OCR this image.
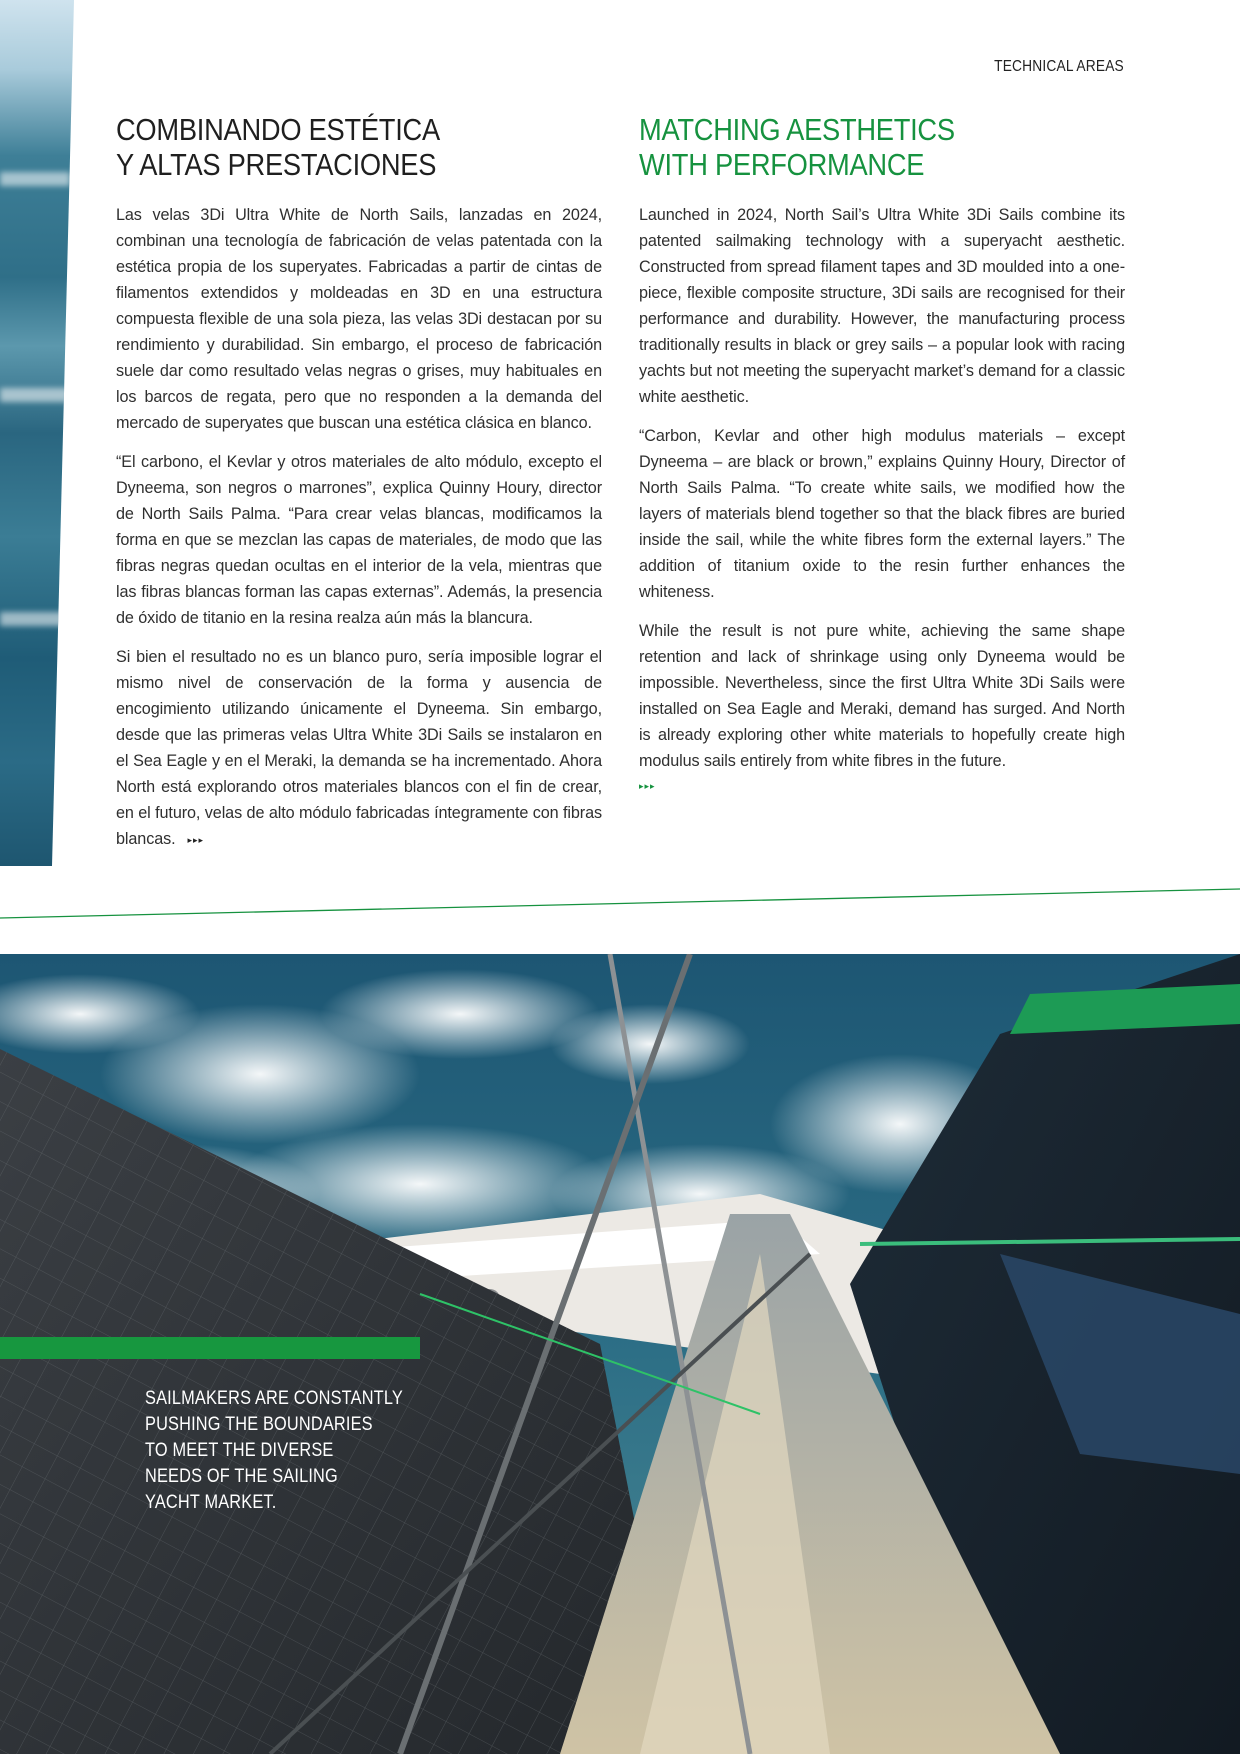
TECHNICAL AREAS
COMBINANDO ESTÉTICA
Y ALTAS PRESTACIONES

Las velas 3Di Ultra White de North Sails, lanzadas en 2024, combinan una tecnología de fabricación de velas patentada con la estética propia de los superyates. Fabricadas a partir de cintas de filamentos extendidos y moldeadas en 3D en una estructura compuesta flexible de una sola pieza, las velas 3Di destacan por su rendimiento y durabilidad. Sin embargo, el proceso de fabricación suele dar como resultado velas negras o grises, muy habituales en los barcos de regata, pero que no responden a la demanda del mercado de superyates que buscan una estética clásica en blanco.

“El carbono, el Kevlar y otros materiales de alto módulo, excepto el Dyneema, son negros o marrones”, explica Quinny Houry, director de North Sails Palma. “Para crear velas blancas, modificamos la forma en que se mezclan las capas de materiales, de modo que las fibras negras quedan ocultas en el interior de la vela, mientras que las fibras blancas forman las capas externas”. Además, la presencia de óxido de titanio en la resina realza aún más la blancura.

Si bien el resultado no es un blanco puro, sería imposible lograr el mismo nivel de conservación de la forma y ausencia de encogimiento utilizando únicamente el Dyneema. Sin embargo, desde que las primeras velas Ultra White 3Di Sails se instalaron en el Sea Eagle y en el Meraki, la demanda se ha incrementado. Ahora North está explorando otros materiales blancos con el fin de crear, en el futuro, velas de alto módulo fabricadas íntegramente con fibras blancas. ▸▸▸

MATCHING AESTHETICS
WITH PERFORMANCE

Launched in 2024, North Sail’s Ultra White 3Di Sails combine its patented sailmaking technology with a superyacht aesthetic. Constructed from spread filament tapes and 3D moulded into a one-piece, flexible composite structure, 3Di sails are recognised for their performance and durability. However, the manufacturing process traditionally results in black or grey sails – a popular look with racing yachts but not meeting the superyacht market’s demand for a classic white aesthetic.

“Carbon, Kevlar and other high modulus materials – except Dyneema – are black or brown,” explains Quinny Houry, Director of North Sails Palma. “To create white sails, we modified how the layers of materials blend together so that the black fibres are buried inside the sail, while the white fibres form the external layers.” The addition of titanium oxide to the resin further enhances the whiteness.

While the result is not pure white, achieving the same shape retention and lack of shrinkage using only Dyneema would be impossible. Nevertheless, since the first Ultra White 3Di Sails were installed on Sea Eagle and Meraki, demand has surged. And North is already exploring other white materials to hopefully create high modulus sails entirely from white fibres in the future.

▸▸▸
SAILMAKERS ARE CONSTANTLY
PUSHING THE BOUNDARIES
TO MEET THE DIVERSE
NEEDS OF THE SAILING
YACHT MARKET.
